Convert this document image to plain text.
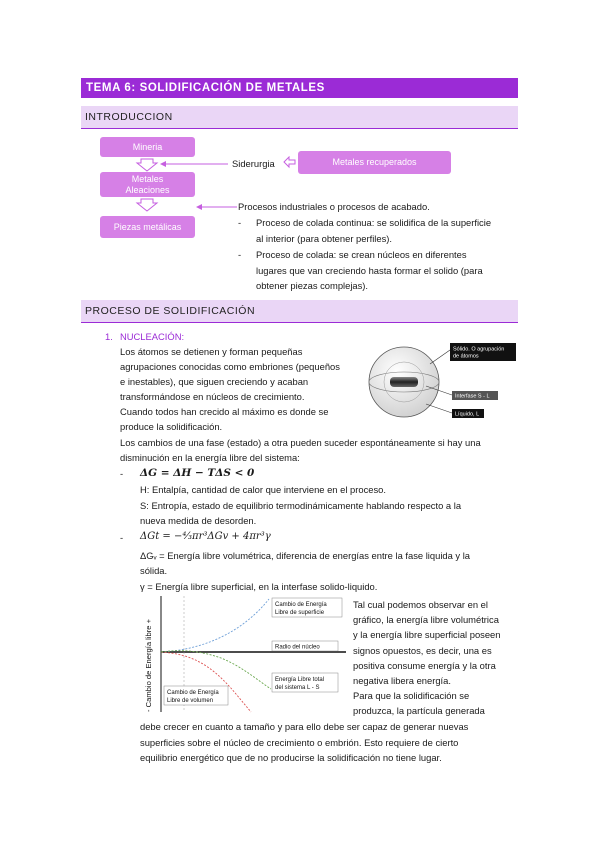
TEMA 6: SOLIDIFICACIÓN DE METALES
INTRODUCCION
Mineria
Metales
Aleaciones
Piezas metálicas
Metales recuperados
Siderurgia
Procesos industriales o procesos de acabado.
- Proceso de colada continua: se solidifica de la superficie
al interior (para obtener perfiles).
- Proceso de colada: se crean núcleos en diferentes
lugares que van creciendo hasta formar el solido (para
obtener piezas complejas).
PROCESO DE SOLIDIFICACIÓN
1. NUCLEACIÓN:
Los átomos se detienen y forman pequeñas
agrupaciones conocidas como embriones (pequeños
e inestables), que siguen creciendo y acaban
transformándose en núcleos de crecimiento.
Cuando todos han crecido al máximo es donde se
produce la solidificación.
Sólido. O agrupación
de átomos
Interfase S - L
Líquido, L
Los cambios de una fase (estado) a otra pueden suceder espontáneamente si hay una
disminución en la energía libre del sistema:
- ΔG = ΔH − TΔS < 0
H: Entalpía, cantidad de calor que interviene en el proceso.
S: Entropía, estado de equilibrio termodinámicamente hablando respecto a la
nueva medida de desorden.
- ΔGt = −⁴⁄₃πr³ΔGv + 4πr³γ
ΔGᵥ = Energía libre volumétrica, diferencia de energías entre la fase liquida y la
sólida.
γ = Energía libre superficial, en la interfase solido-liquido.
- Cambio de Energía libre +
Cambio de Energía
Libre de superficie
Radio del núcleo
Energía Libre total
del sistema L - S
Cambio de Energía
Libre de volumen
Tal cual podemos observar en el
gráfico, la energía libre volumétrica
y la energía libre superficial poseen
signos opuestos, es decir, una es
positiva consume energía y la otra
negativa libera energía.
Para que la solidificación se
produzca, la partícula generada
debe crecer en cuanto a tamaño y para ello debe ser capaz de generar nuevas
superficies sobre el núcleo de crecimiento o embrión. Esto requiere de cierto
equilibrio energético que de no producirse la solidificación no tiene lugar.
